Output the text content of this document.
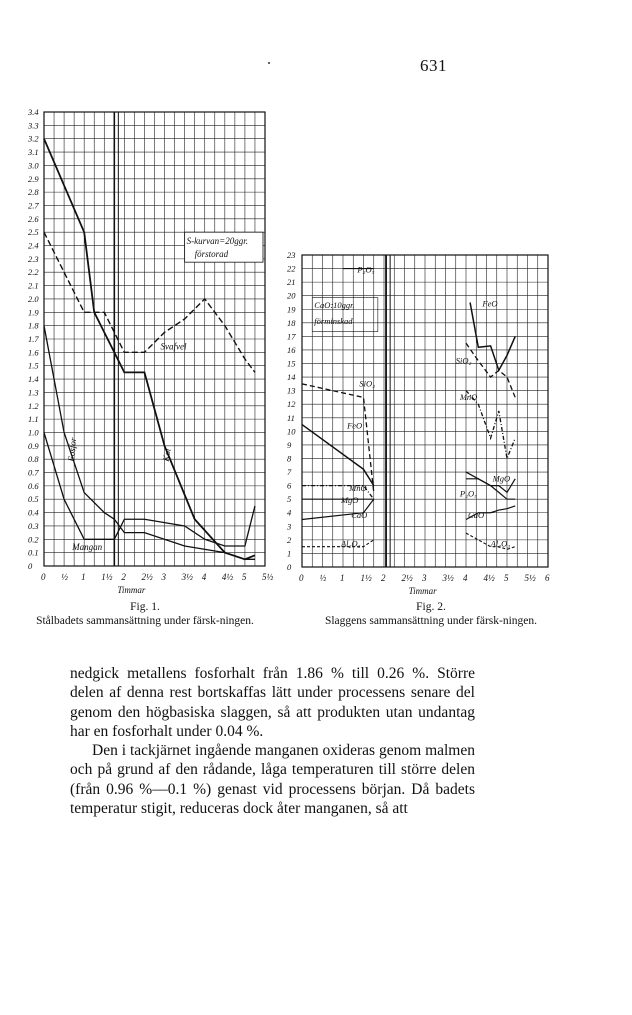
631
3.4
3.3
3.2
3.1
3.0
2.9
2.8
2.7
2.6
2.5
2.4
2.3
2.2
2.1
2.0
1.9
1.8
1.7
1.6
1.5
1.4
1.3
1.2
1.1
1.0
0.9
0.8
0.7
0.6
0.5
0.4
0.3
0.2
0.1
0
0 ½ 1 1½ 2 2½ 3 3½ 4 4½ 5 5½
Timmar
Svafvel
Fosfor	Kol
Mangan
S-kurvan=20ggr.
förstorad
Fig. 1.
Stålbadets sammansättning under färsk-ningen.
23
22
21
20
19
18
17
16
15
14
13
12
11
10
9
8
7
6
5
4
3
2
1
0
0 ½ 1 1½ 2 2½ 3 3½ 4 4½ 5 5½ 6
Timmar
P₂O₅
SiO₂
FeO
MnO
MgO
CaO
Al₂O₃
CaO:10ggr.
förminskad
FeO
SiO₂
MnO
MgO
P₂O₅
CaO
Al₂O₃
Fig. 2.
Slaggens sammansättning under färsk-ningen.

nedgick metallens fosforhalt från 1.86 % till 0.26 %. Större delen af denna rest bortskaffas lätt under processens senare del genom den högbasiska slaggen, så att produkten utan undantag har en fosforhalt under 0.04 %.

Den i tackjärnet ingående manganen oxideras genom malmen och på grund af den rådande, låga temperaturen till större delen (från 0.96 %—0.1 %) genast vid processens början. Då badets temperatur stigit, reduceras dock åter manganen, så att
